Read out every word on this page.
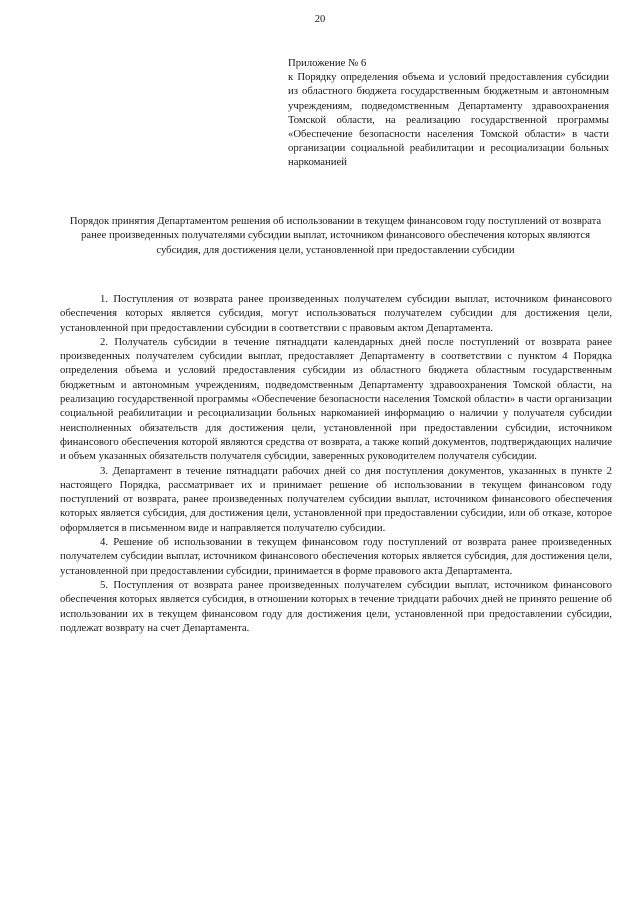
20

Приложение № 6

к Порядку определения объема и условий предоставления субсидии из областного бюджета государственным бюджетным и автономным учреждениям, подведомственным Департаменту здравоохранения Томской области, на реализацию государственной программы «Обеспечение безопасности населения Томской области» в части организации социальной реабилитации и ресоциализации больных наркоманией

Порядок принятия Департаментом решения об использовании в текущем финансовом году поступлений от возврата ранее произведенных получателями субсидии выплат, источником финансового обеспечения которых являются субсидия, для достижения цели, установленной при предоставлении субсидии

1. Поступления от возврата ранее произведенных получателем субсидии выплат, источником финансового обеспечения которых является субсидия, могут использоваться получателем субсидии для достижения цели, установленной при предоставлении субсидии в соответствии с правовым актом Департамента.

2. Получатель субсидии в течение пятнадцати календарных дней после поступлений от возврата ранее произведенных получателем субсидии выплат, предоставляет Департаменту в соответствии с пунктом 4 Порядка определения объема и условий предоставления субсидии из областного бюджета областным государственным бюджетным и автономным учреждениям, подведомственным Департаменту здравоохранения Томской области, на реализацию государственной программы «Обеспечение безопасности населения Томской области» в части организации социальной реабилитации и ресоциализации больных наркоманией информацию о наличии у получателя субсидии неисполненных обязательств для достижения цели, установленной при предоставлении субсидии, источником финансового обеспечения которой являются средства от возврата, а также копий документов, подтверждающих наличие и объем указанных обязательств получателя субсидии, заверенных руководителем получателя субсидии.

3. Департамент в течение пятнадцати рабочих дней со дня поступления документов, указанных в пункте 2 настоящего Порядка, рассматривает их и принимает решение об использовании в текущем финансовом году поступлений от возврата, ранее произведенных получателем субсидии выплат, источником финансового обеспечения которых является субсидия, для достижения цели, установленной при предоставлении субсидии, или об отказе, которое оформляется в письменном виде и направляется получателю субсидии.

4. Решение об использовании в текущем финансовом году поступлений от возврата ранее произведенных получателем субсидии выплат, источником финансового обеспечения которых является субсидия, для достижения цели, установленной при предоставлении субсидии, принимается в форме правового акта Департамента.

5. Поступления от возврата ранее произведенных получателем субсидии выплат, источником финансового обеспечения которых является субсидия, в отношении которых в течение тридцати рабочих дней не принято решение об использовании их в текущем финансовом году для достижения цели, установленной при предоставлении субсидии, подлежат возврату на счет Департамента.
